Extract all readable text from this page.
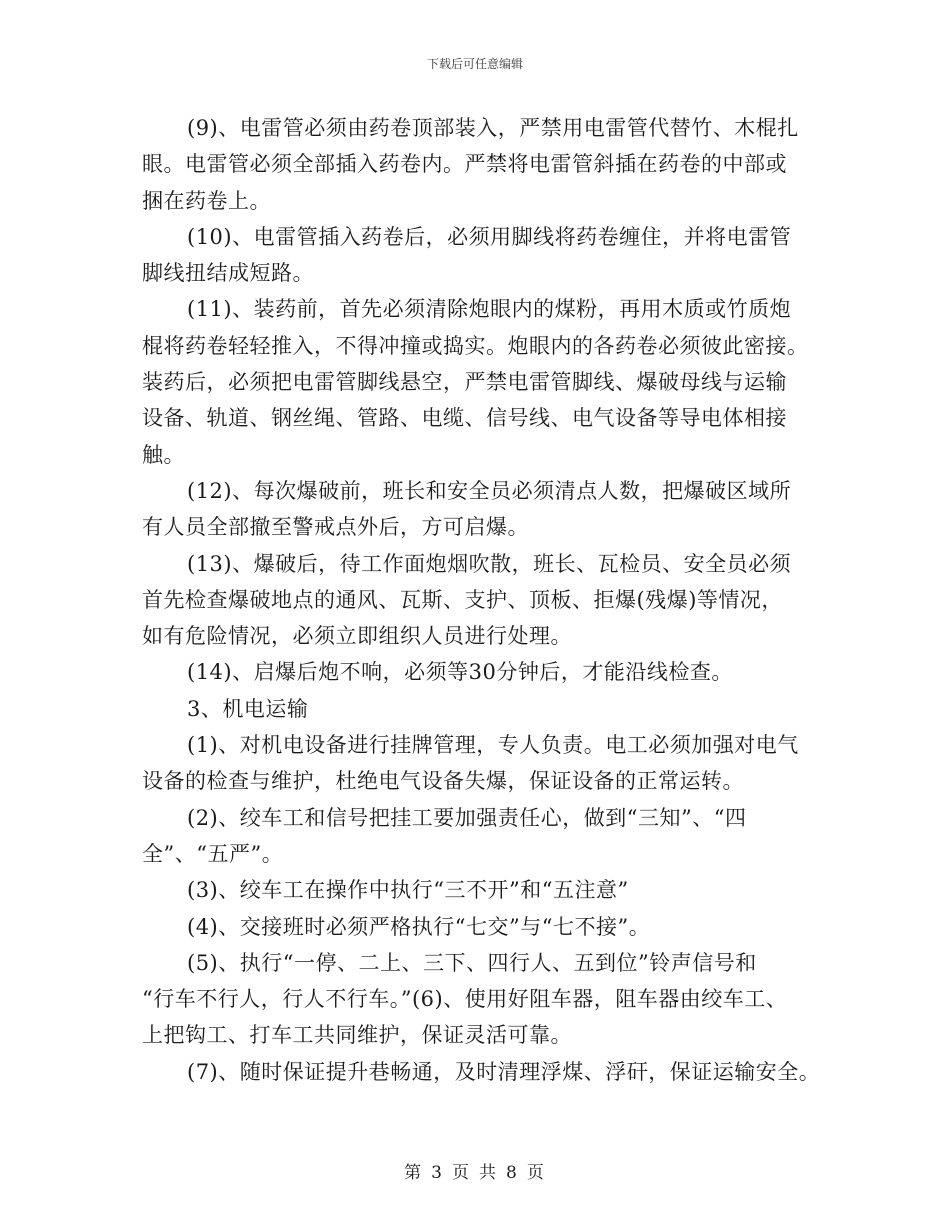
下载后可任意编辑
(9)、电雷管必须由药卷顶部装入，严禁用电雷管代替竹、木棍扎
眼。电雷管必须全部插入药卷内。严禁将电雷管斜插在药卷的中部或
捆在药卷上。
(10)、电雷管插入药卷后，必须用脚线将药卷缠住，并将电雷管
脚线扭结成短路。
(11)、装药前，首先必须清除炮眼内的煤粉，再用木质或竹质炮
棍将药卷轻轻推入，不得冲撞或捣实。炮眼内的各药卷必须彼此密接。
装药后，必须把电雷管脚线悬空，严禁电雷管脚线、爆破母线与运输
设备、轨道、钢丝绳、管路、电缆、信号线、电气设备等导电体相接
触。
(12)、每次爆破前，班长和安全员必须清点人数，把爆破区域所
有人员全部撤至警戒点外后，方可启爆。
(13)、爆破后，待工作面炮烟吹散，班长、瓦检员、安全员必须
首先检查爆破地点的通风、瓦斯、支护、顶板、拒爆(残爆)等情况，
如有危险情况，必须立即组织人员进行处理。
(14)、启爆后炮不响，必须等30分钟后，才能沿线检查。
3、机电运输
(1)、对机电设备进行挂牌管理，专人负责。电工必须加强对电气
设备的检查与维护，杜绝电气设备失爆，保证设备的正常运转。
(2)、绞车工和信号把挂工要加强责任心，做到“三知”、“四
全”、“五严”。
(3)、绞车工在操作中执行“三不开”和“五注意”
(4)、交接班时必须严格执行“七交”与“七不接”。
(5)、执行“一停、二上、三下、四行人、五到位”铃声信号和
“行车不行人，行人不行车。”(6)、使用好阻车器，阻车器由绞车工、
上把钩工、打车工共同维护，保证灵活可靠。
(7)、随时保证提升巷畅通，及时清理浮煤、浮矸，保证运输安全。
第 3 页 共 8 页
